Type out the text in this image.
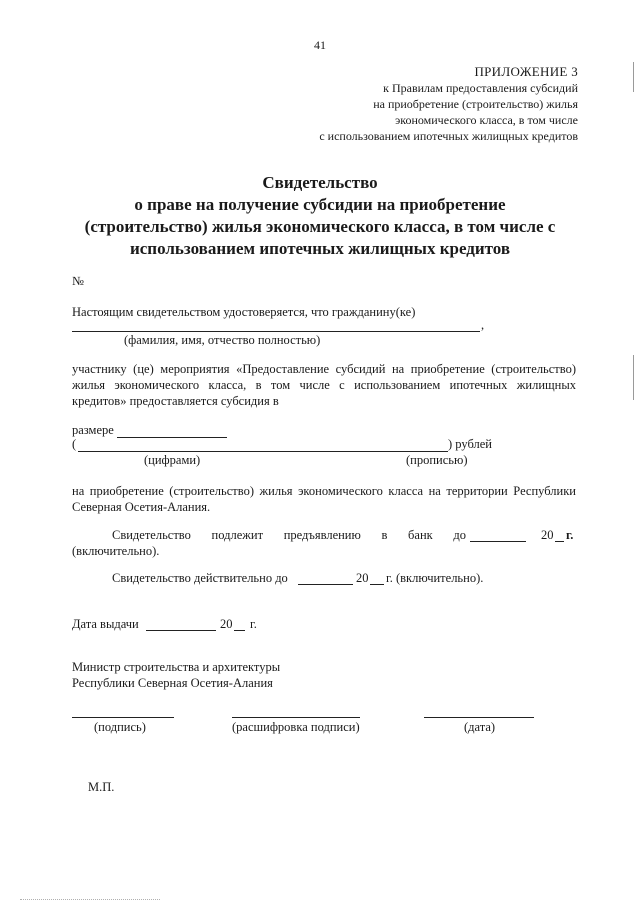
41
ПРИЛОЖЕНИЕ 3
к Правилам предоставления субсидий
на приобретение (строительство) жилья
экономического класса, в том числе
с использованием ипотечных жилищных кредитов
Свидетельство
о праве на получение субсидии на приобретение
(строительство) жилья экономического класса, в том числе с
использованием ипотечных жилищных кредитов
№
Настоящим свидетельством удостоверяется, что гражданину(ке)
,
(фамилия, имя, отчество полностью)
участнику (це) мероприятия «Предоставление субсидий на приобретение (строительство)
жилья экономического класса, в том числе с использованием ипотечных жилищных
кредитов» предоставляется субсидия в
размере
(	) рублей
(цифрами)	(прописью)
на приобретение (строительство) жилья экономического класса на территории Республики
Северная Осетия-Алания.
Свидетельство подлежит предъявлению в банк до	20 г.
(включительно).
Свидетельство действительно до	20 г. (включительно).
Дата выдачи	20 г.
Министр строительства и архитектуры
Республики Северная Осетия-Алания
(подпись)	(расшифровка подписи)	(дата)
М.П.
